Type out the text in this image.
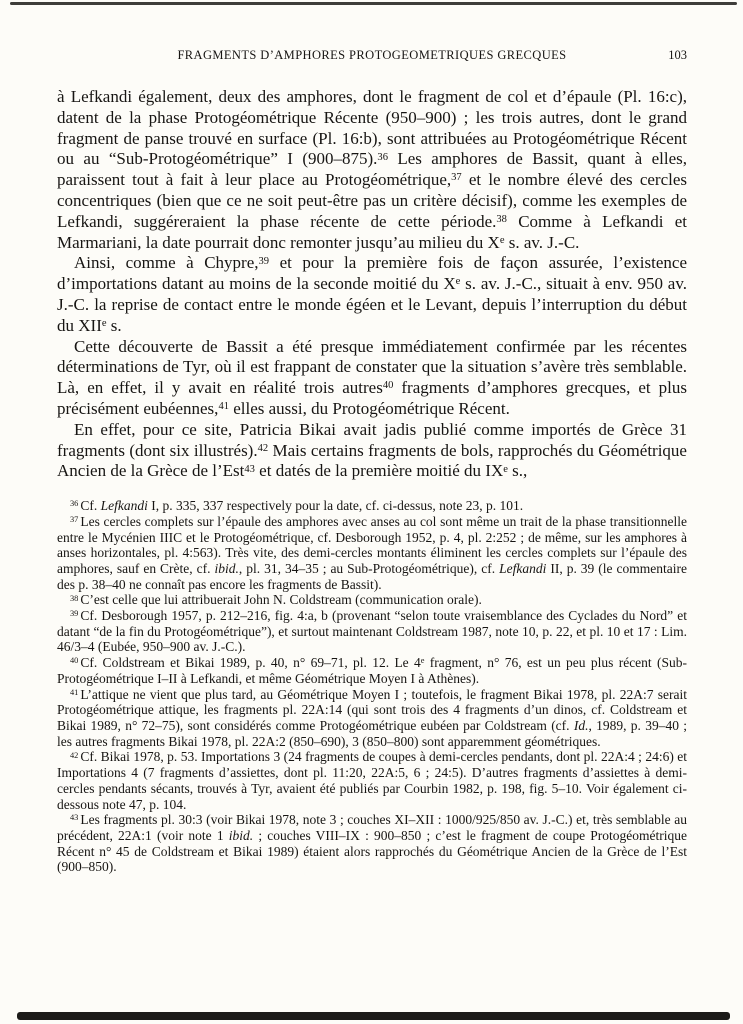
FRAGMENTS D’AMPHORES PROTOGEOMETRIQUES GRECQUES	103

à Lefkandi également, deux des amphores, dont le fragment de col et d’épaule (Pl. 16:c), datent de la phase Protogéométrique Récente (950–900) ; les trois autres, dont le grand fragment de panse trouvé en surface (Pl. 16:b), sont attribuées au Protogéométrique Récent ou au “Sub-Protogéométrique” I (900–875).$^{36}$ Les amphores de Bassit, quant à elles, paraissent tout à fait à leur place au Protogéométrique,$^{37}$ et le nombre élevé des cercles concentriques (bien que ce ne soit peut-être pas un critère décisif), comme les exemples de Lefkandi, suggéreraient la phase récente de cette période.$^{38}$ Comme à Lefkandi et Marmariani, la date pourrait donc remonter jusqu’au milieu du Xe s. av. J.-C.

Ainsi, comme à Chypre,$^{39}$ et pour la première fois de façon assurée, l’existence d’importations datant au moins de la seconde moitié du Xe s. av. J.-C., situait à env. 950 av. J.-C. la reprise de contact entre le monde égéen et le Levant, depuis l’interruption du début du XIIe s.

Cette découverte de Bassit a été presque immédiatement confirmée par les récentes déterminations de Tyr, où il est frappant de constater que la situation s’avère très semblable. Là, en effet, il y avait en réalité trois autres$^{40}$ fragments d’amphores grecques, et plus précisément eubéennes,$^{41}$ elles aussi, du Protogéométrique Récent.

En effet, pour ce site, Patricia Bikai avait jadis publié comme importés de Grèce 31 fragments (dont six illustrés).$^{42}$ Mais certains fragments de bols, rapprochés du Géométrique Ancien de la Grèce de l’Est$^{43}$ et datés de la première moitié du IXe s.,

$^{36}$ Cf. Lefkandi I, p. 335, 337 respectively pour la date, cf. ci-dessus, note 23, p. 101.

$^{37}$ Les cercles complets sur l’épaule des amphores avec anses au col sont même un trait de la phase transitionnelle entre le Mycénien IIIC et le Protogéométrique, cf. Desborough 1952, p. 4, pl. 2:252 ; de même, sur les amphores à anses horizontales, pl. 4:563). Très vite, des demi-cercles montants éliminent les cercles complets sur l’épaule des amphores, sauf en Crète, cf. ibid., pl. 31, 34–35 ; au Sub-Protogéométrique), cf. Lefkandi II, p. 39 (le commentaire des p. 38–40 ne connaît pas encore les fragments de Bassit).

$^{38}$ C’est celle que lui attribuerait John N. Coldstream (communication orale).

$^{39}$ Cf. Desborough 1957, p. 212–216, fig. 4:a, b (provenant “selon toute vraisemblance des Cyclades du Nord” et datant “de la fin du Protogéométrique”), et surtout maintenant Coldstream 1987, note 10, p. 22, et pl. 10 et 17 : Lim. 46/3–4 (Eubée, 950–900 av. J.-C.).

$^{40}$ Cf. Coldstream et Bikai 1989, p. 40, n° 69–71, pl. 12. Le 4e fragment, n° 76, est un peu plus récent (Sub-Protogéométrique I–II à Lefkandi, et même Géométrique Moyen I à Athènes).

$^{41}$ L’attique ne vient que plus tard, au Géométrique Moyen I ; toutefois, le fragment Bikai 1978, pl. 22A:7 serait Protogéométrique attique, les fragments pl. 22A:14 (qui sont trois des 4 fragments d’un dinos, cf. Coldstream et Bikai 1989, n° 72–75), sont considérés comme Protogéométrique eubéen par Coldstream (cf. Id., 1989, p. 39–40 ; les autres fragments Bikai 1978, pl. 22A:2 (850–690), 3 (850–800) sont apparemment géométriques.

$^{42}$ Cf. Bikai 1978, p. 53. Importations 3 (24 fragments de coupes à demi-cercles pendants, dont pl. 22A:4 ; 24:6) et Importations 4 (7 fragments d’assiettes, dont pl. 11:20, 22A:5, 6 ; 24:5). D’autres fragments d’assiettes à demi-cercles pendants sécants, trouvés à Tyr, avaient été publiés par Courbin 1982, p. 198, fig. 5–10. Voir également ci-dessous note 47, p. 104.

$^{43}$ Les fragments pl. 30:3 (voir Bikai 1978, note 3 ; couches XI–XII : 1000/925/850 av. J.-C.) et, très semblable au précédent, 22A:1 (voir note 1 ibid. ; couches VIII–IX : 900–850 ; c’est le fragment de coupe Protogéométrique Récent n° 45 de Coldstream et Bikai 1989) étaient alors rapprochés du Géométrique Ancien de la Grèce de l’Est (900–850).
